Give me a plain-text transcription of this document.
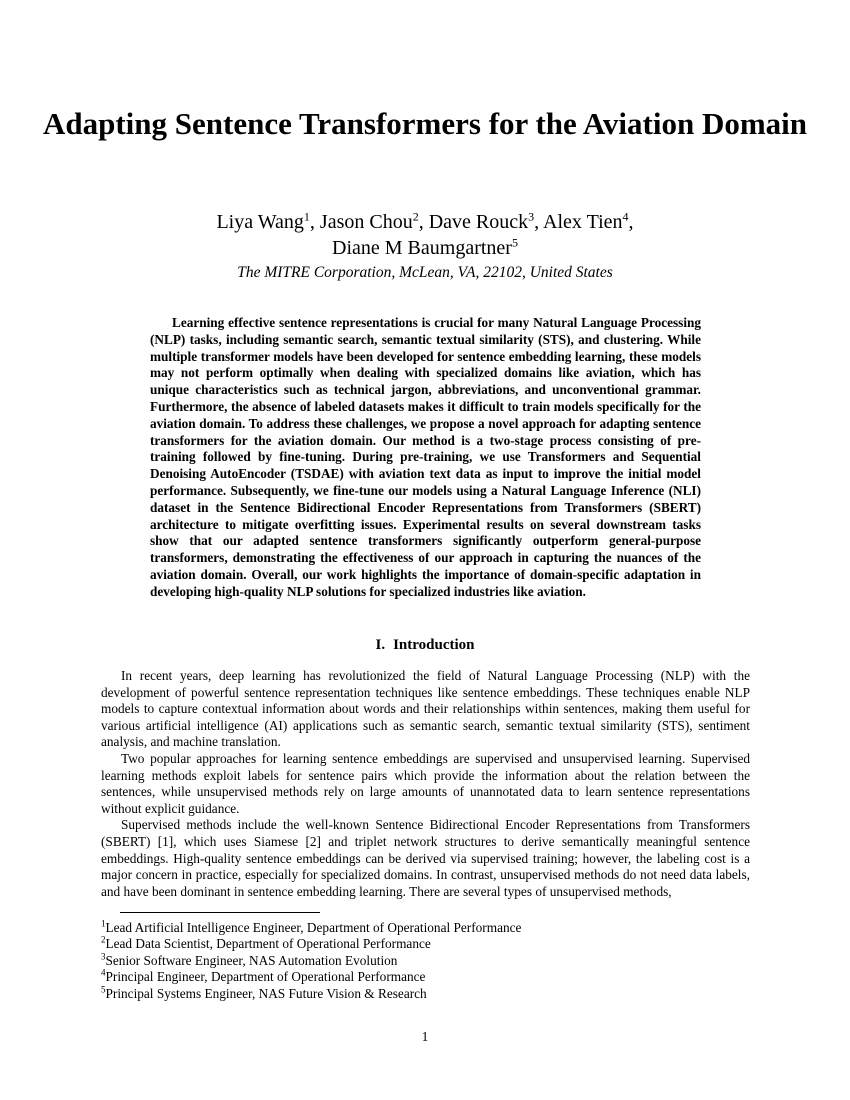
Adapting Sentence Transformers for the Aviation Domain
Liya Wang$^1$, Jason Chou$^2$, Dave Rouck$^3$, Alex Tien$^4$,
Diane M Baumgartner$^5$
The MITRE Corporation, McLean, VA, 22102, United States

Learning effective sentence representations is crucial for many Natural Language Processing (NLP) tasks, including semantic search, semantic textual similarity (STS), and clustering. While multiple transformer models have been developed for sentence embedding learning, these models may not perform optimally when dealing with specialized domains like aviation, which has unique characteristics such as technical jargon, abbreviations, and unconventional grammar. Furthermore, the absence of labeled datasets makes it difficult to train models specifically for the aviation domain. To address these challenges, we propose a novel approach for adapting sentence transformers for the aviation domain. Our method is a two-stage process consisting of pre-training followed by fine-tuning. During pre-training, we use Transformers and Sequential Denoising AutoEncoder (TSDAE) with aviation text data as input to improve the initial model performance. Subsequently, we fine-tune our models using a Natural Language Inference (NLI) dataset in the Sentence Bidirectional Encoder Representations from Transformers (SBERT) architecture to mitigate overfitting issues. Experimental results on several downstream tasks show that our adapted sentence transformers significantly outperform general-purpose transformers, demonstrating the effectiveness of our approach in capturing the nuances of the aviation domain. Overall, our work highlights the importance of domain-specific adaptation in developing high-quality NLP solutions for specialized industries like aviation.

I. Introduction

In recent years, deep learning has revolutionized the field of Natural Language Processing (NLP) with the development of powerful sentence representation techniques like sentence embeddings. These techniques enable NLP models to capture contextual information about words and their relationships within sentences, making them useful for various artificial intelligence (AI) applications such as semantic search, semantic textual similarity (STS), sentiment analysis, and machine translation.

Two popular approaches for learning sentence embeddings are supervised and unsupervised learning. Supervised learning methods exploit labels for sentence pairs which provide the information about the relation between the sentences, while unsupervised methods rely on large amounts of unannotated data to learn sentence representations without explicit guidance.

Supervised methods include the well-known Sentence Bidirectional Encoder Representations from Transformers (SBERT) [1], which uses Siamese [2] and triplet network structures to derive semantically meaningful sentence embeddings. High-quality sentence embeddings can be derived via supervised training; however, the labeling cost is a major concern in practice, especially for specialized domains. In contrast, unsupervised methods do not need data labels, and have been dominant in sentence embedding learning. There are several types of unsupervised methods,

$^1$Lead Artificial Intelligence Engineer, Department of Operational Performance
$^2$Lead Data Scientist, Department of Operational Performance
$^3$Senior Software Engineer, NAS Automation Evolution
$^4$Principal Engineer, Department of Operational Performance
$^5$Principal Systems Engineer, NAS Future Vision & Research
1
